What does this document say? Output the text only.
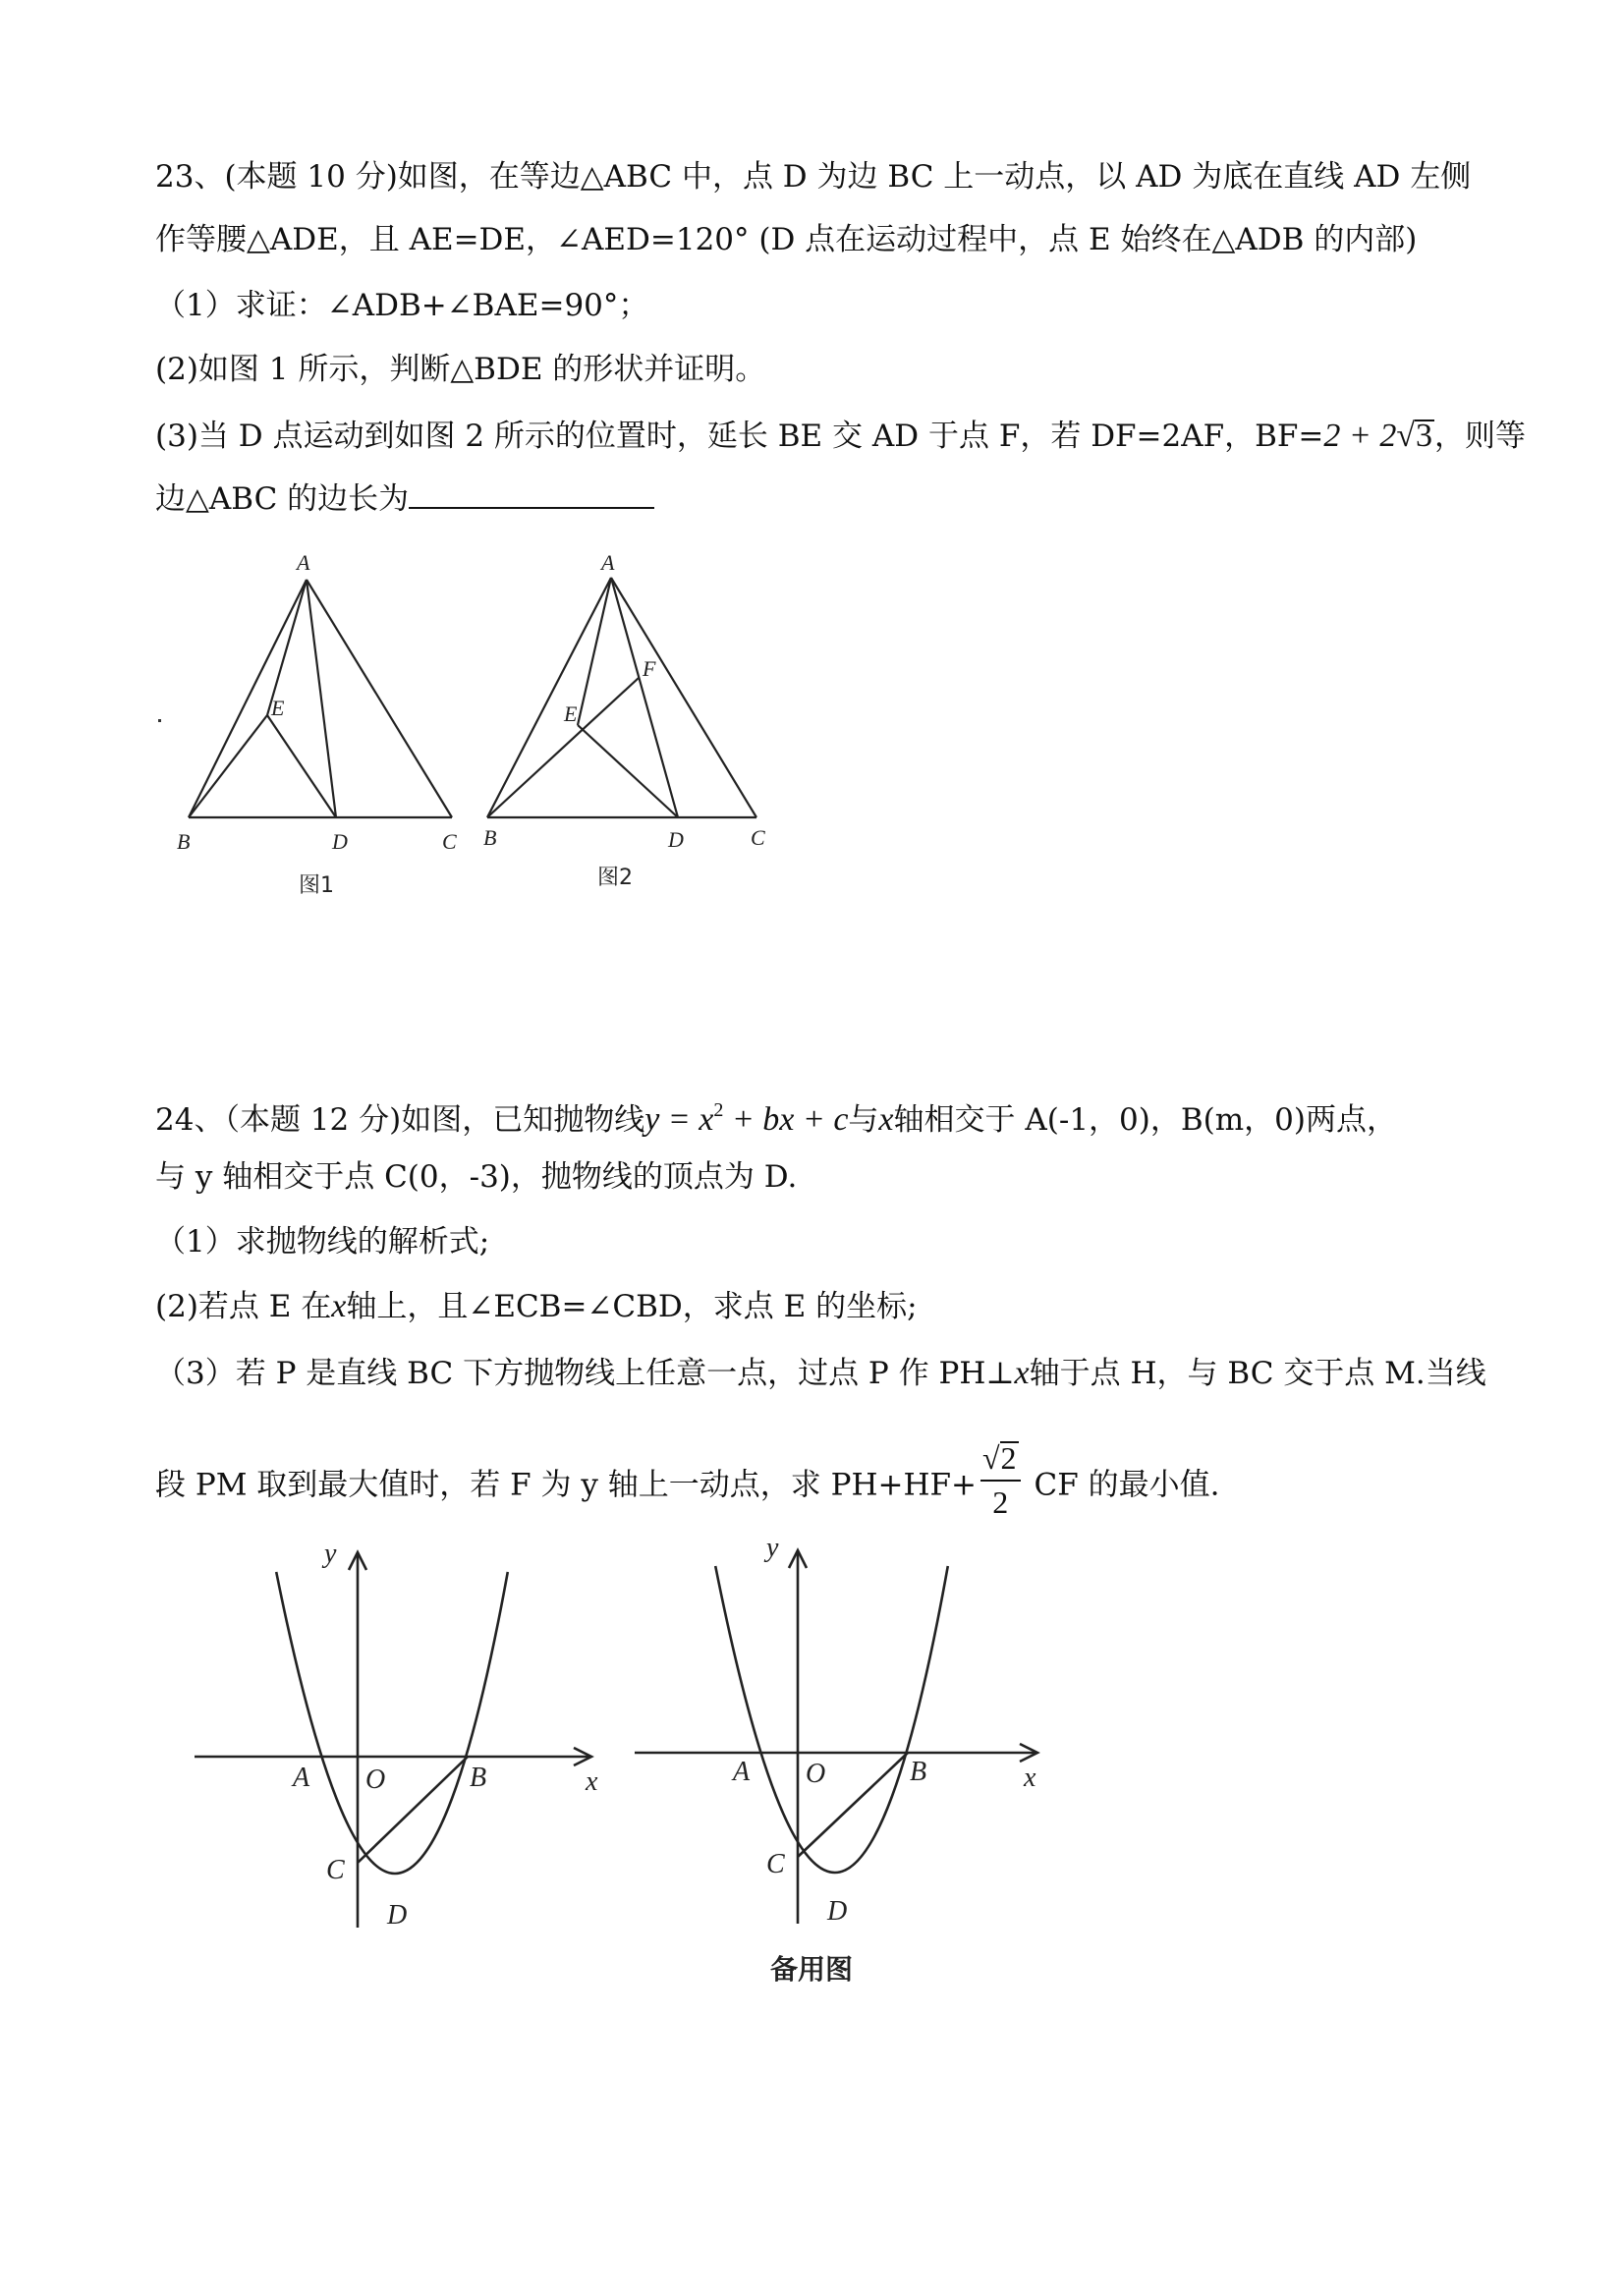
23、(本题 10 分)如图，在等边△ABC 中，点 D 为边 BC 上一动点，以 AD 为底在直线 AD 左侧
作等腰△ADE，且 AE=DE，∠AED=120° (D 点在运动过程中，点 E 始终在△ADB 的内部)
（1）求证：∠ADB+∠BAE=90°；
(2)如图 1 所示，判断△BDE 的形状并证明。
(3)当 D 点运动到如图 2 所示的位置时，延长 BE 交 AD 于点 F，若 DF=2AF，BF=2 + 2√3，则等
边△ABC 的边长为
A
E
B	D	C
图1
A
F
E
B	D	C
图2
24、（本题 12 分)如图，已知抛物线$y = x^2$ + bx + c与x轴相交于 A(-1，0)，B(m，0)两点，
与 y 轴相交于点 C(0，-3)，抛物线的顶点为 D.
（1）求抛物线的解析式;
(2)若点 E 在x轴上，且∠ECB=∠CBD，求点 E 的坐标;
（3）若 P 是直线 BC 下方抛物线上任意一点，过点 P 作 PH⊥x轴于点 H，与 BC 交于点 M.当线
段 PM 取到最大值时，若 F 为 y 轴上一动点，求 $PH+HF+ \frac{√2}{2}$ CF 的最小值.
y
A O	B	x
C
D
y
A O	B	x
C
D
备用图
